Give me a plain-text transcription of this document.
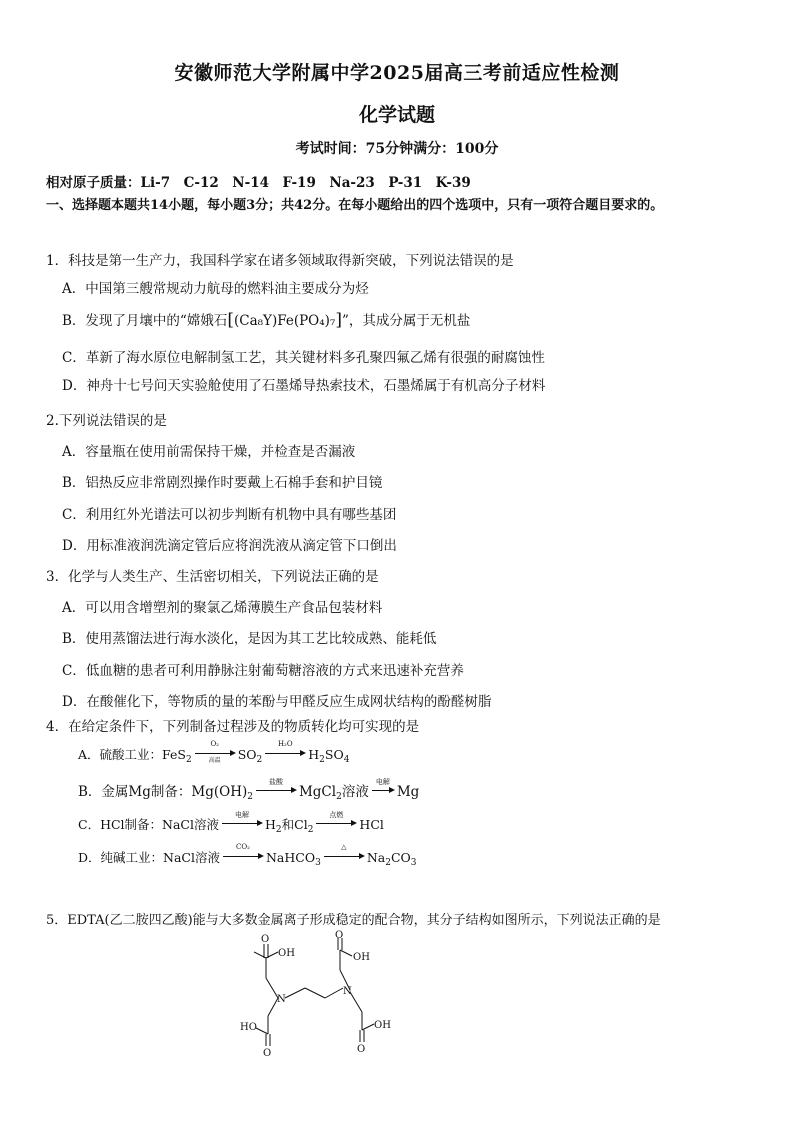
安徽师范大学附属中学2025届高三考前适应性检测
化学试题
考试时间：75分钟满分：100分
相对原子质量：Li-7　C-12　N-14　F-19　Na-23　P-31　K-39
一、选择题本题共14小题，每小题3分；共42分。在每小题给出的四个选项中，只有一项符合题目要求的。
1．科技是第一生产力，我国科学家在诸多领域取得新突破，下列说法错误的是
A．中国第三艘常规动力航母的燃料油主要成分为烃
B．发现了月壤中的“嫦娥石[(Ca₈Y)Fe(PO₄)₇]”，其成分属于无机盐
C．革新了海水原位电解制氢工艺，其关键材料多孔聚四氟乙烯有很强的耐腐蚀性
D．神舟十七号问天实验舱使用了石墨烯导热索技术，石墨烯属于有机高分子材料
2.下列说法错误的是
A．容量瓶在使用前需保持干燥，并检查是否漏液
B．铝热反应非常剧烈操作时要戴上石棉手套和护目镜
C．利用红外光谱法可以初步判断有机物中具有哪些基团
D．用标准液润洗滴定管后应将润洗液从滴定管下口倒出
3．化学与人类生产、生活密切相关，下列说法正确的是
A．可以用含增塑剂的聚氯乙烯薄膜生产食品包装材料
B．使用蒸馏法进行海水淡化，是因为其工艺比较成熟、能耗低
C．低血糖的患者可利用静脉注射葡萄糖溶液的方式来迅速补充营养
D．在酸催化下，等物质的量的苯酚与甲醛反应生成网状结构的酚醛树脂
4．在给定条件下，下列制备过程涉及的物质转化均可实现的是
A．硫酸工业：FeS$_2$
O₂
高温	$SO_2$
H₂O
$H_2SO_4$
B．金属Mg制备：$Mg(OH)_2$
盐酸
MgCl$_2$溶液
电解
Mg
C．HCl制备：NaCl溶液
电解
$H_2$和$Cl_2$
点燃
HCl
D．纯碱工业：NaCl溶液
CO₂
NaHCO$_3$
△
$Na_2CO_3$
5．EDTA(乙二胺四乙酸)能与大多数金属离子形成稳定的配合物，其分子结构如图所示，下列说法正确的是
O
OH
N
HO
O
O
OH
N
OH
O
